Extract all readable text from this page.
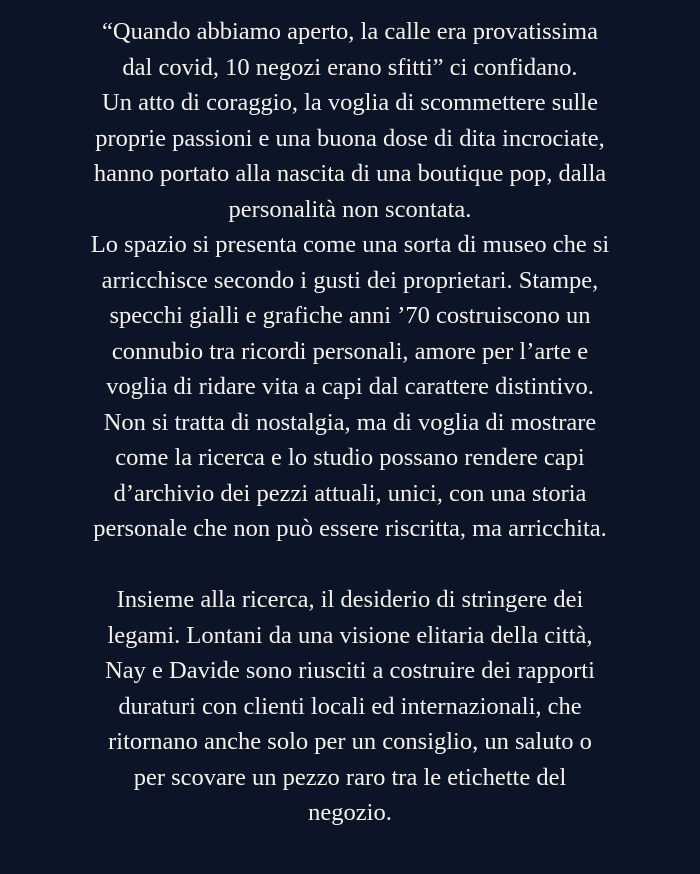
“Quando abbiamo aperto, la calle era provatissima
dal covid, 10 negozi erano sfitti” ci confidano.
Un atto di coraggio, la voglia di scommettere sulle
proprie passioni e una buona dose di dita incrociate,
hanno portato alla nascita di una boutique pop, dalla
personalità non scontata.
Lo spazio si presenta come una sorta di museo che si
arricchisce secondo i gusti dei proprietari. Stampe,
specchi gialli e grafiche anni ’70 costruiscono un
connubio tra ricordi personali, amore per l’arte e
voglia di ridare vita a capi dal carattere distintivo.
Non si tratta di nostalgia, ma di voglia di mostrare
come la ricerca e lo studio possano rendere capi
d’archivio dei pezzi attuali, unici, con una storia
personale che non può essere riscritta, ma arricchita.
Insieme alla ricerca, il desiderio di stringere dei
legami. Lontani da una visione elitaria della città,
Nay e Davide sono riusciti a costruire dei rapporti
duraturi con clienti locali ed internazionali, che
ritornano anche solo per un consiglio, un saluto o
per scovare un pezzo raro tra le etichette del
negozio.
